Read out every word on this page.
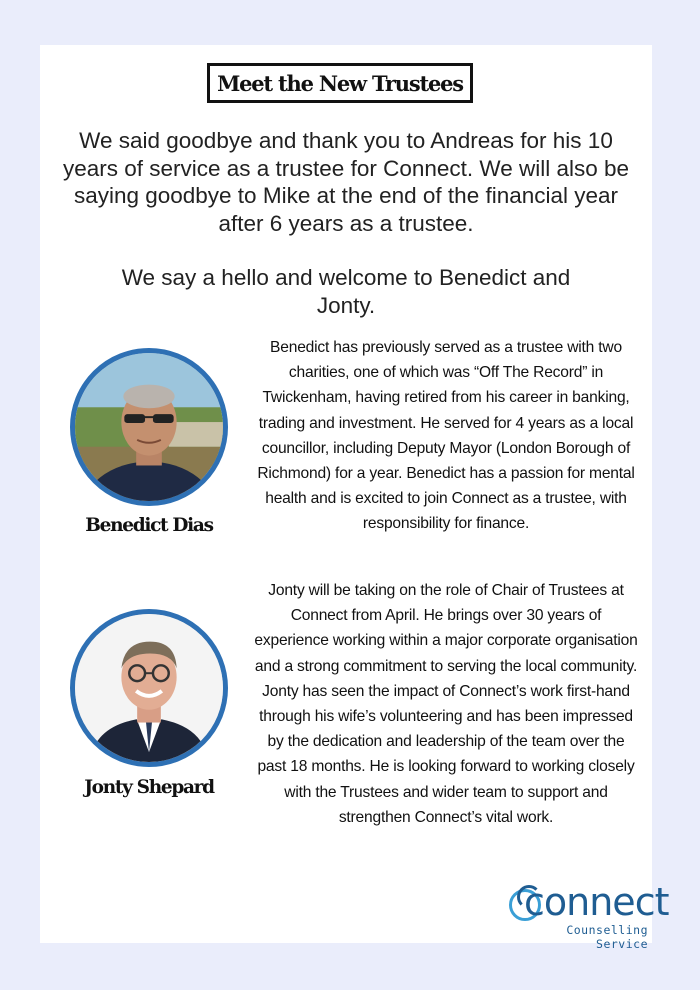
Meet the New Trustees
We said goodbye and thank you to Andreas for his 10 years of service as a trustee for Connect. We will also be saying goodbye to Mike at the end of the financial year after 6 years as a trustee.
We say a hello and welcome to Benedict and Jonty.
Benedict Dias
Benedict has previously served as a trustee with two charities, one of which was “Off The Record” in Twickenham, having retired from his career in banking, trading and investment. He served for 4 years as a local councillor, including Deputy Mayor (London Borough of Richmond) for a year. Benedict has a passion for mental health and is excited to join Connect as a trustee, with responsibility for finance.
Jonty Shepard
Jonty will be taking on the role of Chair of Trustees at Connect from April. He brings over 30 years of experience working within a major corporate organisation and a strong commitment to serving the local community. Jonty has seen the impact of Connect’s work first-hand through his wife’s volunteering and has been impressed by the dedication and leadership of the team over the past 18 months. He is looking forward to working closely with the Trustees and wider team to support and strengthen Connect’s vital work.
connect
Counselling Service
